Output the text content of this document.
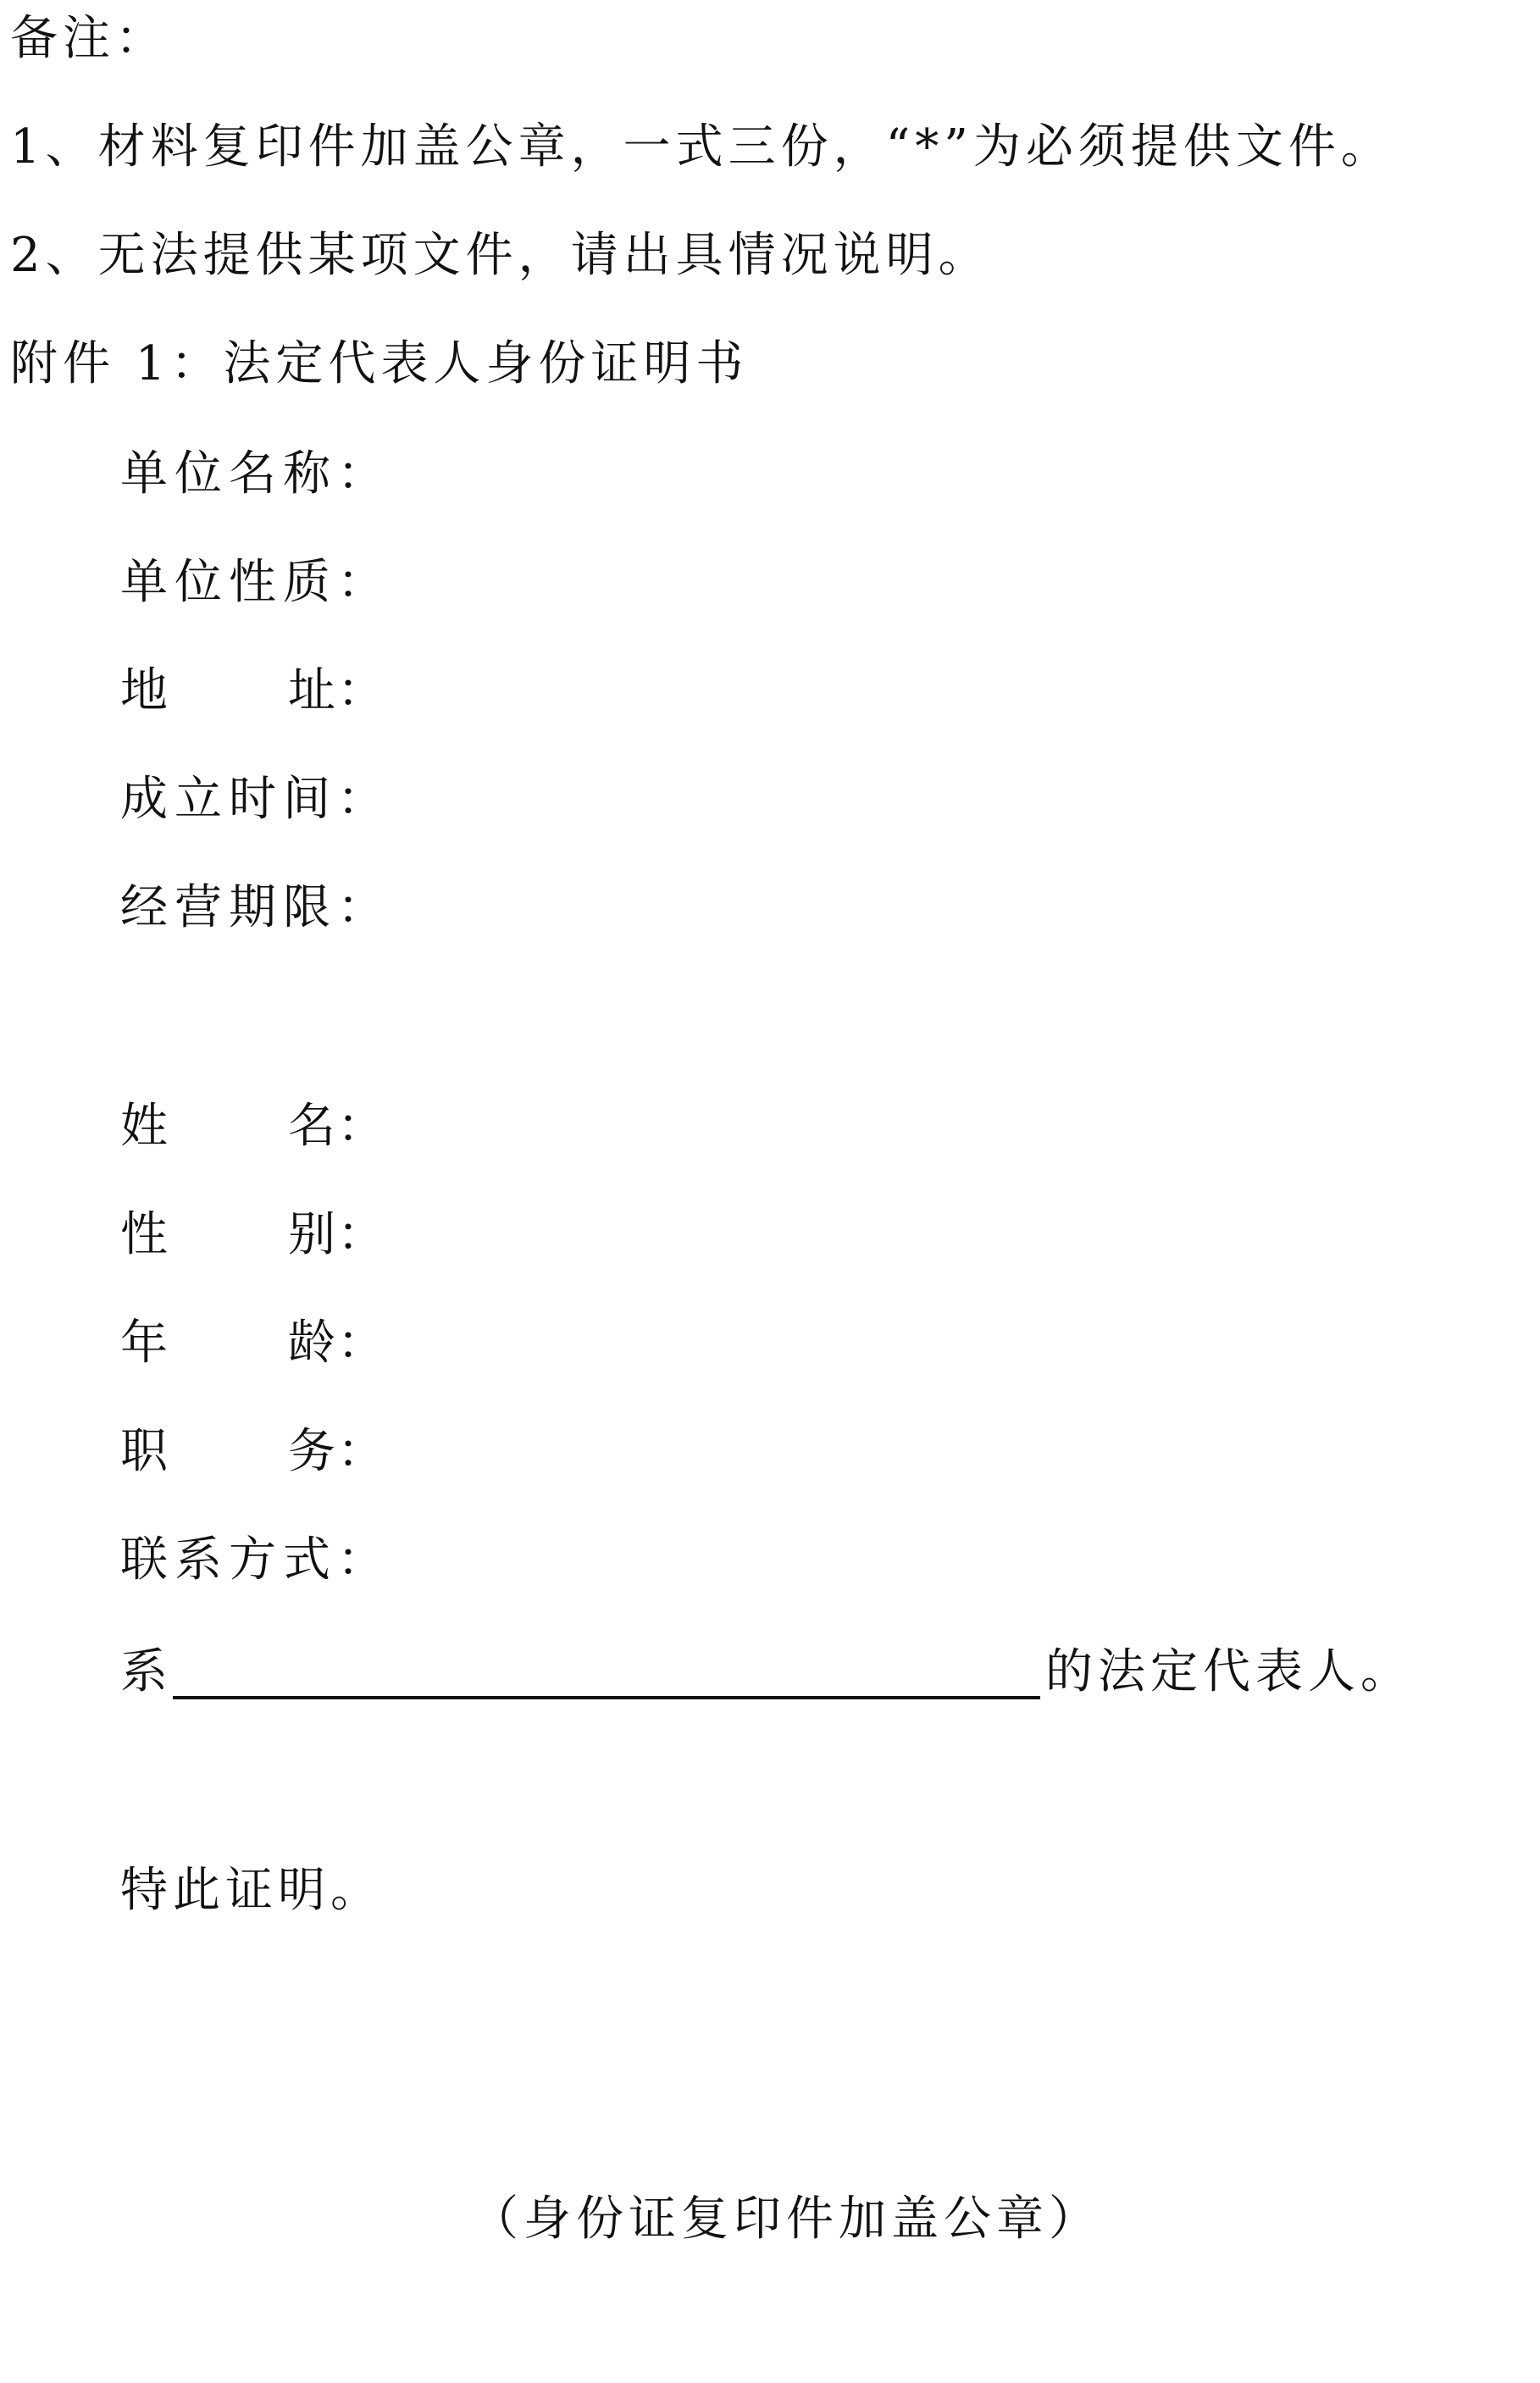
备注：
1、材料复印件加盖公章，一式三份，“*”为必须提供文件。
2、无法提供某项文件，请出具情况说明。
附件 1：法定代表人身份证明书
单位名称：
单位性质：
地	址 ：
成立时间：
经营期限：
姓	名 ：
性	别 ：
年	龄 ：
职	务 ：
联系方式：
系	的法定代表人。
特此证明。
（身份证复印件加盖公章）
